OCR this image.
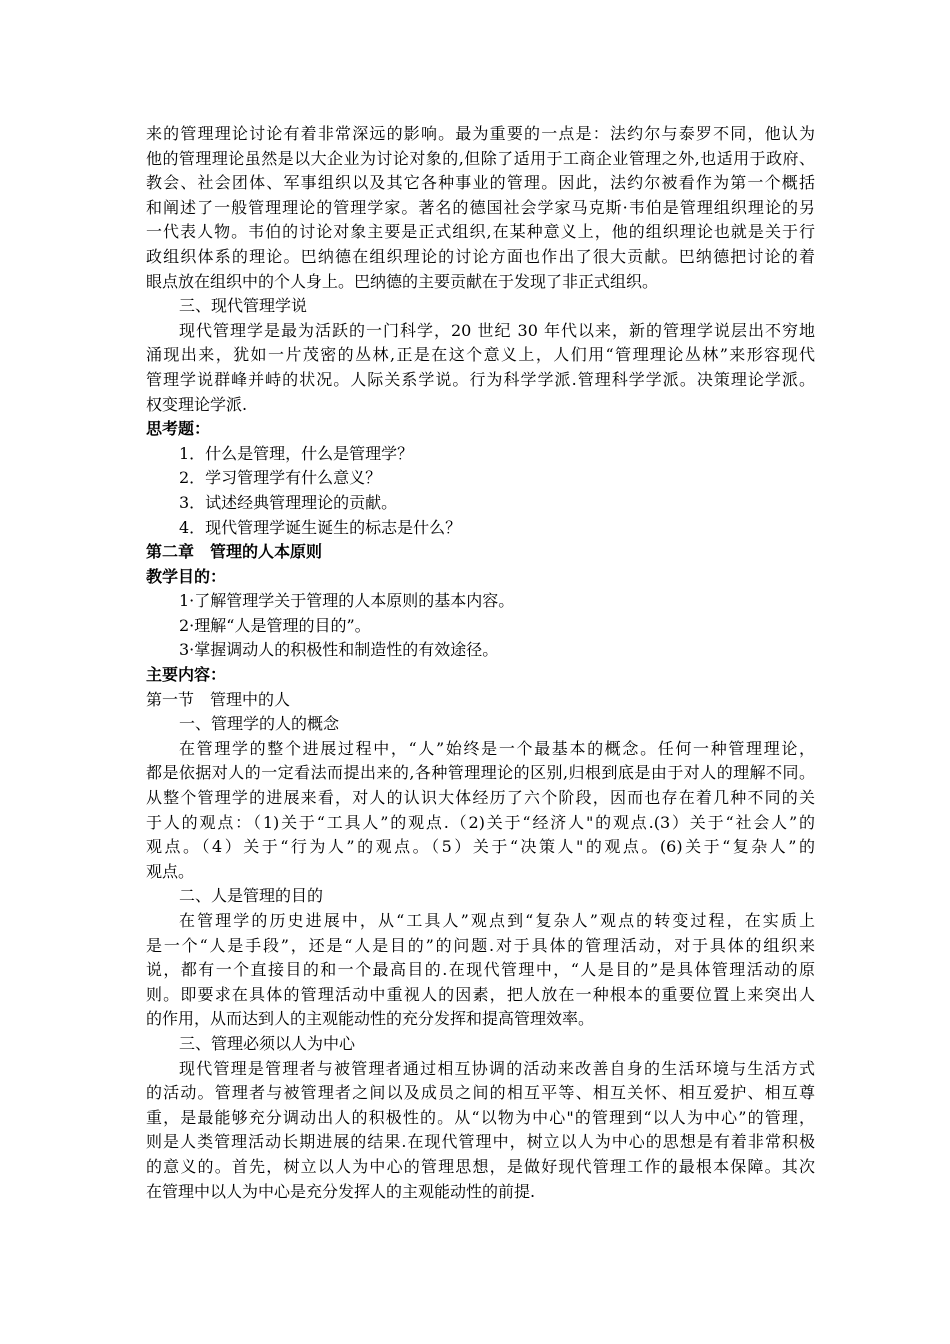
来的管理理论讨论有着非常深远的影响。最为重要的一点是：法约尔与泰罗不同，他认为

他的管理理论虽然是以大企业为讨论对象的,但除了适用于工商企业管理之外,也适用于政府、

教会、社会团体、军事组织以及其它各种事业的管理。因此，法约尔被看作为第一个概括

和阐述了一般管理理论的管理学家。著名的德国社会学家马克斯·韦伯是管理组织理论的另

一代表人物。韦伯的讨论对象主要是正式组织,在某种意义上，他的组织理论也就是关于行

政组织体系的理论。巴纳德在组织理论的讨论方面也作出了很大贡献。巴纳德把讨论的着

眼点放在组织中的个人身上。巴纳德的主要贡献在于发现了非正式组织。

三、现代管理学说

现代管理学是最为活跃的一门科学，20 世纪 30 年代以来，新的管理学说层出不穷地

涌现出来，犹如一片茂密的丛林,正是在这个意义上，人们用“管理理论丛林”来形容现代

管理学说群峰并峙的状况。人际关系学说。行为科学学派.管理科学学派。决策理论学派。

权变理论学派.

思考题：

1．什么是管理，什么是管理学？

2．学习管理学有什么意义？

3．试述经典管理理论的贡献。

4．现代管理学诞生诞生的标志是什么？

第二章　管理的人本原则

教学目的：

1·了解管理学关于管理的人本原则的基本内容。

2·理解“人是管理的目的”。

3·掌握调动人的积极性和制造性的有效途径。

主要内容：

第一节　管理中的人

一、管理学的人的概念

在管理学的整个进展过程中，“人”始终是一个最基本的概念。任何一种管理理论，

都是依据对人的一定看法而提出来的,各种管理理论的区别,归根到底是由于对人的理解不同。

从整个管理学的进展来看，对人的认识大体经历了六个阶段，因而也存在着几种不同的关

于人的观点：（1)关于“工具人”的观点.（2)关于“经济人"的观点.(3）关于“社会人”的

观点。（4）关于“行为人”的观点。（5）关于“决策人"的观点。(6)关于“复杂人”的

观点。

二、人是管理的目的

在管理学的历史进展中，从“工具人”观点到“复杂人”观点的转变过程，在实质上

是一个“人是手段”，还是“人是目的”的问题.对于具体的管理活动，对于具体的组织来

说，都有一个直接目的和一个最高目的.在现代管理中，“人是目的”是具体管理活动的原

则。即要求在具体的管理活动中重视人的因素，把人放在一种根本的重要位置上来突出人

的作用，从而达到人的主观能动性的充分发挥和提高管理效率。

三、管理必须以人为中心

现代管理是管理者与被管理者通过相互协调的活动来改善自身的生活环境与生活方式

的活动。管理者与被管理者之间以及成员之间的相互平等、相互关怀、相互爱护、相互尊

重，是最能够充分调动出人的积极性的。从“以物为中心"的管理到“以人为中心”的管理，

则是人类管理活动长期进展的结果.在现代管理中，树立以人为中心的思想是有着非常积极

的意义的。首先，树立以人为中心的管理思想，是做好现代管理工作的最根本保障。其次

在管理中以人为中心是充分发挥人的主观能动性的前提.
